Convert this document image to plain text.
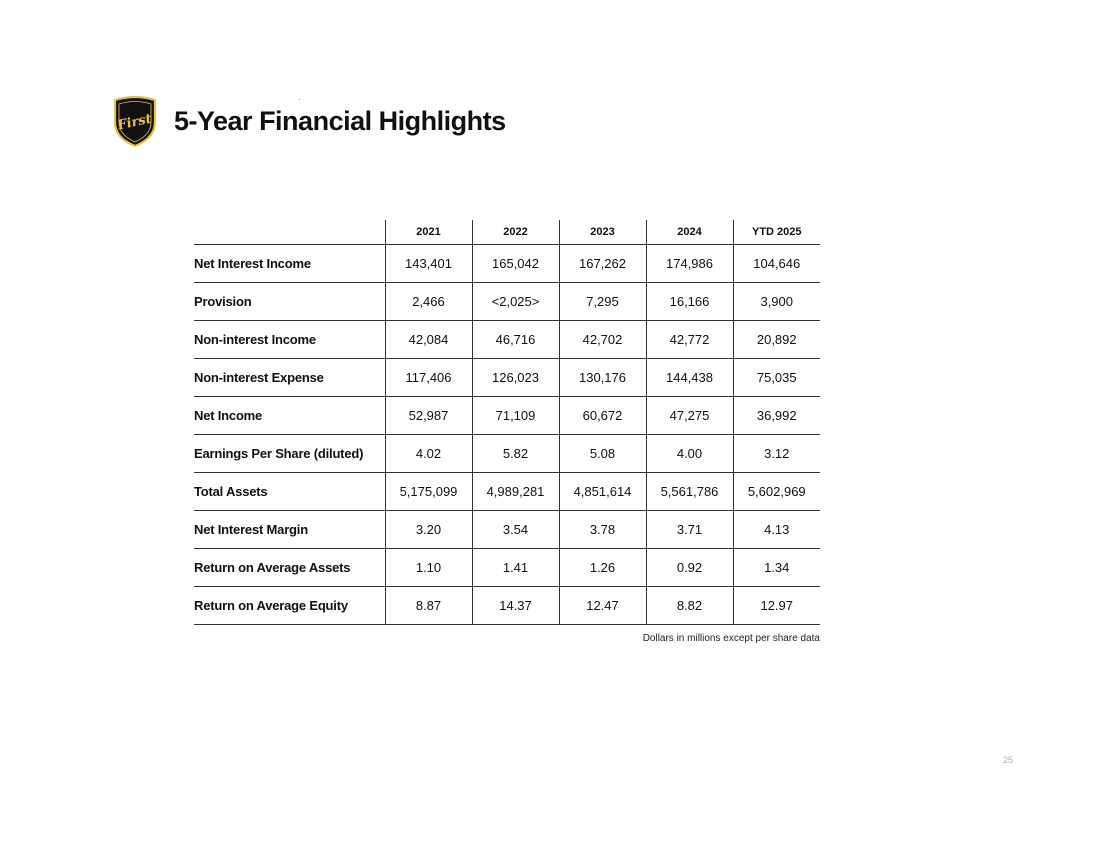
First 5-Year Financial Highlights
	2021	2022	2023	2024	YTD 2025
Net Interest Income	143,401	165,042	167,262	174,986	104,646
Provision	2,466	<2,025>	7,295	16,166	3,900
Non-interest Income	42,084	46,716	42,702	42,772	20,892
Non-interest Expense	117,406	126,023	130,176	144,438	75,035
Net Income	52,987	71,109	60,672	47,275	36,992
Earnings Per Share (diluted)	4.02	5.82	5.08	4.00	3.12
Total Assets	5,175,099	4,989,281	4,851,614	5,561,786	5,602,969
Net Interest Margin	3.20	3.54	3.78	3.71	4.13
Return on Average Assets	1.10	1.41	1.26	0.92	1.34
Return on Average Equity	8.87	14.37	12.47	8.82	12.97
Dollars in millions except per share data
25
